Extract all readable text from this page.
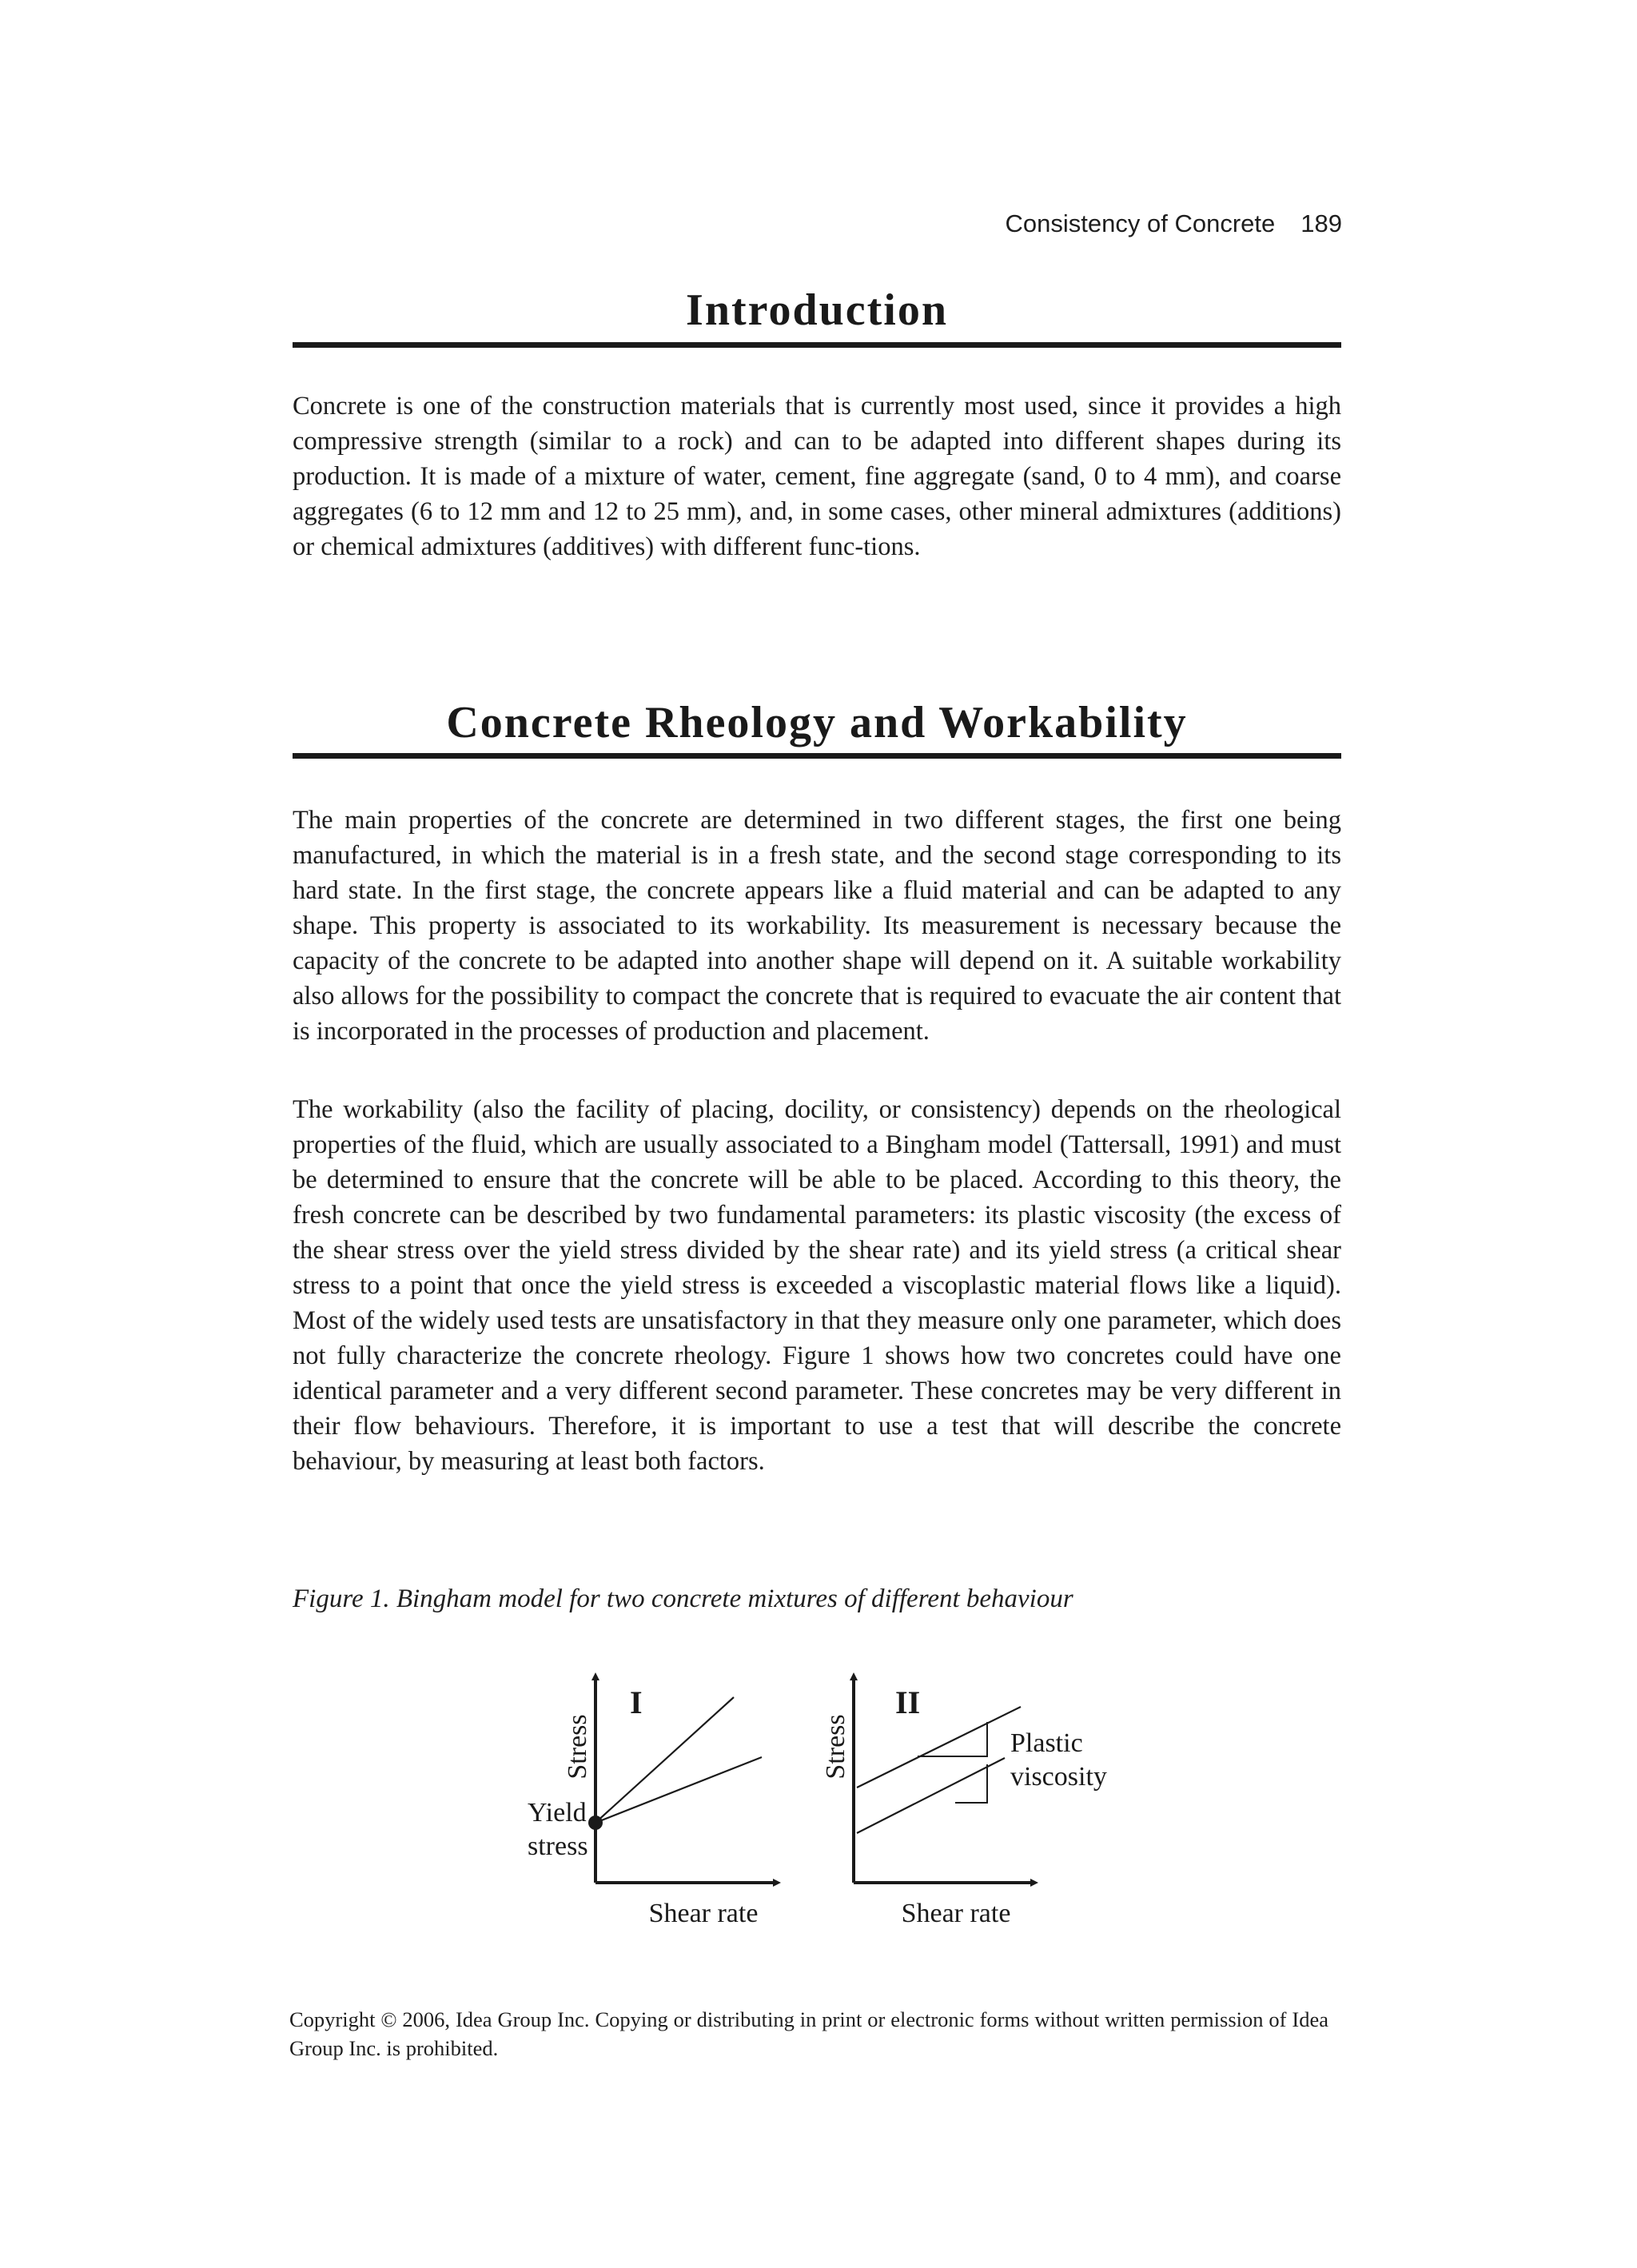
Consistency of Concrete 189
Introduction

Concrete is one of the construction materials that is currently most used, since it provides a high compressive strength (similar to a rock) and can to be adapted into different shapes during its production. It is made of a mixture of water, cement, fine aggregate (sand, 0 to 4 mm), and coarse aggregates (6 to 12 mm and 12 to 25 mm), and, in some cases, other mineral admixtures (additions) or chemical admixtures (additives) with different func-tions.

Concrete Rheology and Workability

The main properties of the concrete are determined in two different stages, the first one being manufactured, in which the material is in a fresh state, and the second stage corresponding to its hard state. In the first stage, the concrete appears like a fluid material and can be adapted to any shape. This property is associated to its workability. Its measurement is necessary because the capacity of the concrete to be adapted into another shape will depend on it. A suitable workability also allows for the possibility to compact the concrete that is required to evacuate the air content that is incorporated in the processes of production and placement.

The workability (also the facility of placing, docility, or consistency) depends on the rheological properties of the fluid, which are usually associated to a Bingham model (Tattersall, 1991) and must be determined to ensure that the concrete will be able to be placed. According to this theory, the fresh concrete can be described by two fundamental parameters: its plastic viscosity (the excess of the shear stress over the yield stress divided by the shear rate) and its yield stress (a critical shear stress to a point that once the yield stress is exceeded a viscoplastic material flows like a liquid). Most of the widely used tests are unsatisfactory in that they measure only one parameter, which does not fully characterize the concrete rheology. Figure 1 shows how two concretes could have one identical parameter and a very different second parameter. These concretes may be very different in their flow behaviours. Therefore, it is important to use a test that will describe the concrete behaviour, by measuring at least both factors.

Figure 1. Bingham model for two concrete mixtures of different behaviour
I
Stress
Shear rate
Yield
stress
II
Stress
Shear rate
Plastic
viscosity
Copyright © 2006, Idea Group Inc. Copying or distributing in print or electronic forms without written permission of Idea Group Inc. is prohibited.
